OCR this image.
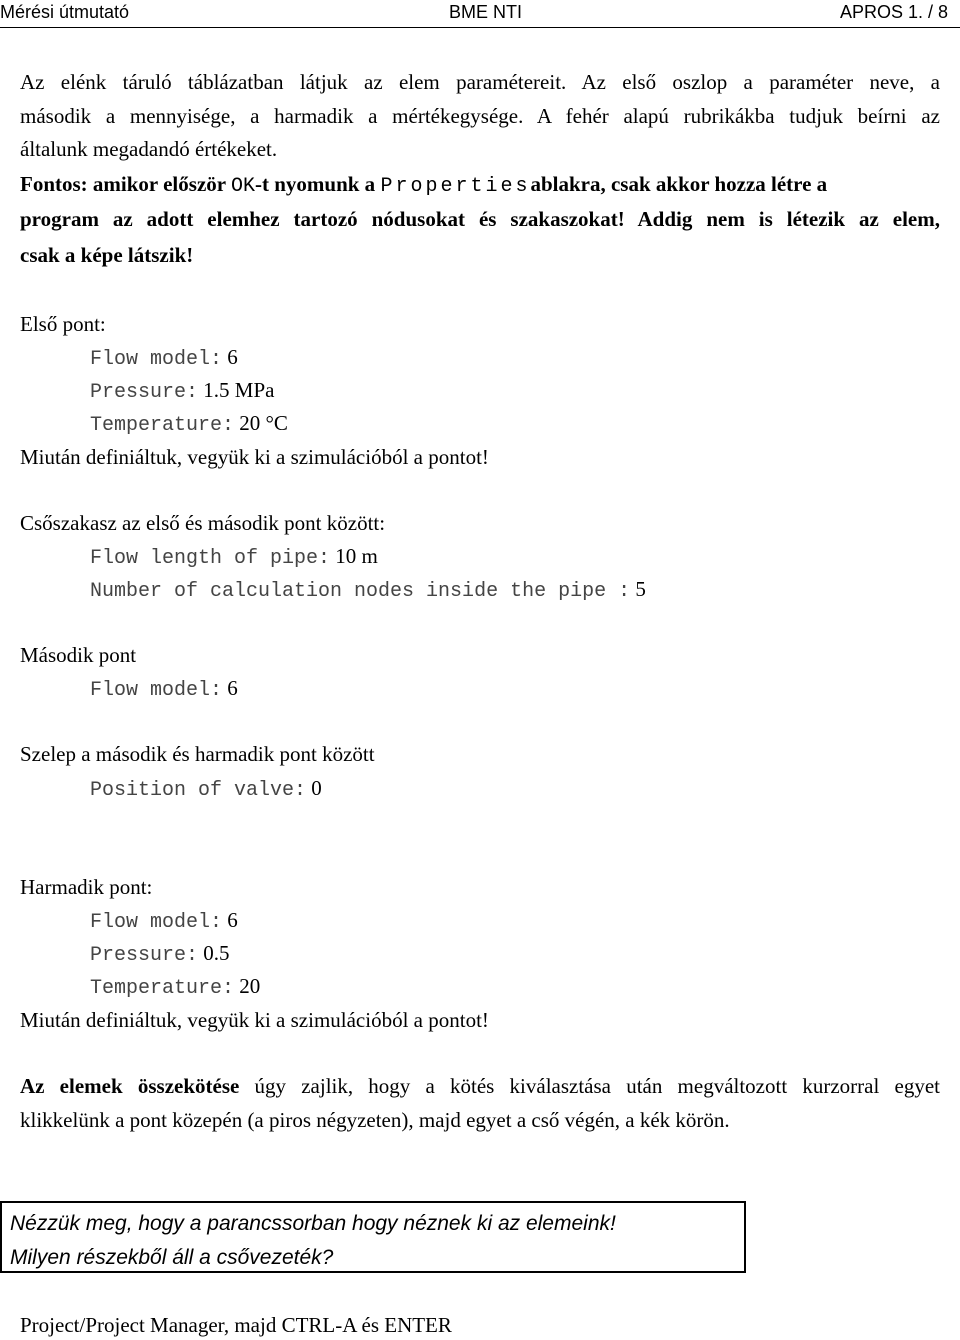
Mérési útmutató	BME NTI	APROS 1. / 8
Az elénk táruló táblázatban látjuk az elem paramétereit. Az első oszlop a paraméter neve, a
második a mennyisége, a harmadik a mértékegysége. A fehér alapú rubrikákba tudjuk beírni az
általunk megadandó értékeket.
Fontos: amikor először OK-t nyomunk a Propertiesablakra, csak akkor hozza létre a
program az adott elemhez tartozó nódusokat és szakaszokat! Addig nem is létezik az elem,
csak a képe látszik!
Első pont:
Flow model: 6
Pressure: 1.5 MPa
Temperature: 20 °C
Miután definiáltuk, vegyük ki a szimulációból a pontot!
Csőszakasz az első és második pont között:
Flow length of pipe: 10 m
Number of calculation nodes inside the pipe : 5
Második pont
Flow model: 6
Szelep a második és harmadik pont között
Position of valve: 0
Harmadik pont:
Flow model: 6
Pressure: 0.5
Temperature: 20
Miután definiáltuk, vegyük ki a szimulációból a pontot!
Az elemek összekötése úgy zajlik, hogy a kötés kiválasztása után megváltozott kurzorral egyet
klikkelünk a pont közepén (a piros négyzeten), majd egyet a cső végén, a kék körön.
Nézzük meg, hogy a parancssorban hogy néznek ki az elemeink!
Milyen részekből áll a csővezeték?
Project/Project Manager, majd CTRL-A és ENTER
